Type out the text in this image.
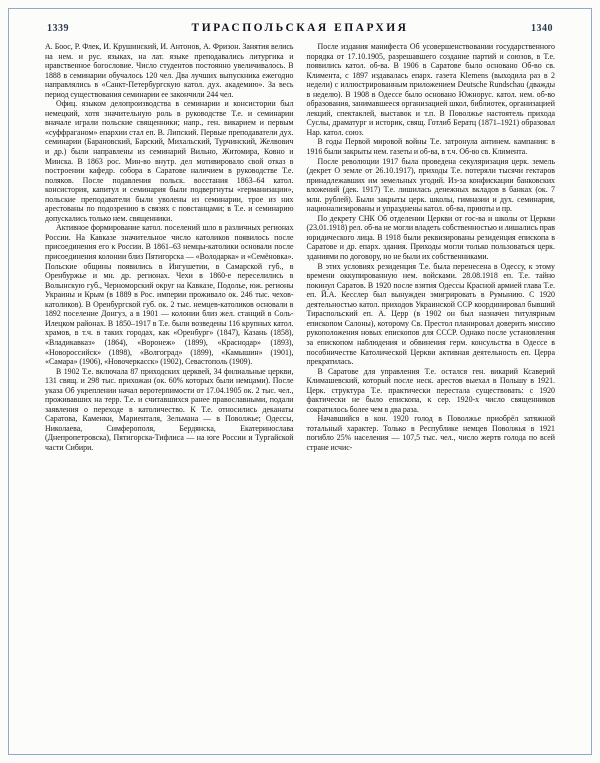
1339	ТИРАСПОЛЬСКАЯ ЕПАРХИЯ	1340

А. Боос, Р. Флек, И. Крушинский, И. Антонов, А. Фризон. Занятия велись на нем. и рус. языках, на лат. языке преподавались литургика и нравственное богословие. Число студентов постоянно увеличивалось. В 1888 в семинарии обучалось 120 чел. Два лучших выпускника ежегодно направлялись в «Санкт-Петербургскую катол. дух. академию». За весь период существования семинарии ее закончили 244 чел.

Офиц. языком делопроизводства в семинарии и консистории был немецкий, хотя значительную роль в руководстве Т.е. и семинарии вначале играли польские священники; напр., ген. викарием и первым «суффраганом» епархии стал еп. В. Липский. Первые преподаватели дух. семинарии (Барановский, Барский, Михальский, Турчинский, Желвович и др.) были направлены из семинарий Вильно, Житомира, Ковно и Минска. В 1863 рос. Мин-во внутр. дел мотивировало свой отказ в построении кафедр. собора в Саратове наличием в руководстве Т.е. поляков. После подавления польск. восстания 1863–64 катол. консистория, капитул и семинария были подвергнуты «германизации», польские преподаватели были уволены из семинарии, трое из них арестованы по подозрению в связях с повстанцами; в Т.е. и семинарию допускались только нем. священники.

Активное формирование катол. поселений шло в различных регионах России. На Кавказе значительное число католиков появилось после присоединения его к России. В 1861–63 немцы-католики основали после присоединения колонии близ Пятигорска — «Володарка» и «Семёновка». Польские общины появились в Ингушетии, в Самарской губ., в Оренбуржье и мн. др. регионах. Чехи в 1860-е переселились в Волынскую губ., Черноморский округ на Кавказе, Подолье, юж. регионы Украины и Крым (в 1889 в Рос. империи проживало ок. 246 тыс. чехов-католиков). В Оренбургской губ. ок. 2 тыс. немцев-католиков основали в 1892 поселение Донгуз, а в 1901 — колонии близ жел. станций в Соль-Илецком районах. В 1850–1917 в Т.е. были возведены 116 крупных катол. храмов, в т.ч. в таких городах, как «Оренбург» (1847), Казань (1858), «Владикавказ» (1864), «Воронеж» (1899), «Краснодар» (1893), «Новороссийск» (1898), «Волгоград» (1899), «Камышин» (1901), «Самара» (1906), «Новочеркасск» (1902), Севастополь (1909).

В 1902 Т.е. включала 87 приходских церквей, 34 филиальные церкви, 131 свящ. и 298 тыс. прихожан (ок. 60% которых были немцами). После указа Об укреплении начал веротерпимости от 17.04.1905 ок. 2 тыс. чел., проживавших на терр. Т.е. и считавшихся ранее православными, подали заявления о переходе в католичество. К Т.е. относились деканаты Саратова, Каменки, Мариенталя, Зельмана — в Поволжье; Одессы, Николаева, Симферополя, Бердянска, Екатеринослава (Днепропетровска), Пятигорска-Тифлиса — на юге России и Тургайской части Сибири.

После издания манифеста Об усовершенствовании государственного порядка от 17.10.1905, разрешавшего создание партий и союзов, в Т.е. появились катол. об-ва. В 1906 в Саратове было основано Об-во св. Климента, с 1897 издавалась епарх. газета Klemens (выходила раз в 2 недели) с иллюстрированным приложением Deutsche Rundschau (дважды в неделю). В 1908 в Одессе было основано Южнорус. катол. нем. об-во образования, занимавшееся организацией школ, библиотек, организацией лекций, спектаклей, выставок и т.п. В Поволжье настоятель прихода Суслы, драматург и историк, свящ. Готлиб Бератц (1871–1921) образовал Нар. катол. союз.

В годы Первой мировой войны Т.е. затронула антинем. кампания: в 1916 были закрыты нем. газеты и об-ва, в т.ч. Об-во св. Климента.

После революции 1917 была проведена секуляризация церк. земель (декрет О земле от 26.10.1917), приходы Т.е. потеряли тысячи гектаров принадлежавших им земельных угодий. Из-за конфискации банковских вложений (дек. 1917) Т.е. лишилась денежных вкладов в банках (ок. 7 млн. рублей). Были закрыты церк. школы, гимназии и дух. семинария, национализированы и упразднены катол. об-ва, приюты и пр.

По декрету СНК Об отделении Церкви от гос-ва и школы от Церкви (23.01.1918) рел. об-ва не могли владеть собственностью и лишались прав юридического лица. В 1918 были реквизированы резиденция епископа в Саратове и др. епарх. здания. Приходы могли только пользоваться церк. зданиями по договору, но не были их собственниками.

В этих условиях резиденция Т.е. была перенесена в Одессу, к этому времени оккупированную нем. войсками. 28.08.1918 еп. Т.е. тайно покинул Саратов. В 1920 после взятия Одессы Красной армией глава Т.е. еп. Й.А. Кесслер был вынужден эмигрировать в Румынию. С 1920 деятельностью катол. приходов Украинской ССР координировал бывший Тираспольский еп. А. Церр (в 1902 он был назначен титулярным епископом Салоны), которому Св. Престол планировал доверить миссию рукоположения новых епископов для СССР. Однако после установления за епископом наблюдения и обвинения герм. консульства в Одессе в пособничестве Католической Церкви активная деятельность еп. Церра прекратилась.

В Саратове для управления Т.е. остался ген. викарий Ксаверий Климашевский, который после неск. арестов выехал в Польшу в 1921. Церк. структура Т.е. практически перестала существовать: с 1920 фактически не было епископа, к сер. 1920-х число священников сократилось более чем в два раза.

Начавшийся в кон. 1920 голод в Поволжье приобрёл затяжной тотальный характер. Только в Республике немцев Поволжья в 1921 погибло 25% населения — 107,5 тыс. чел., число жертв голода по всей стране исчис-
